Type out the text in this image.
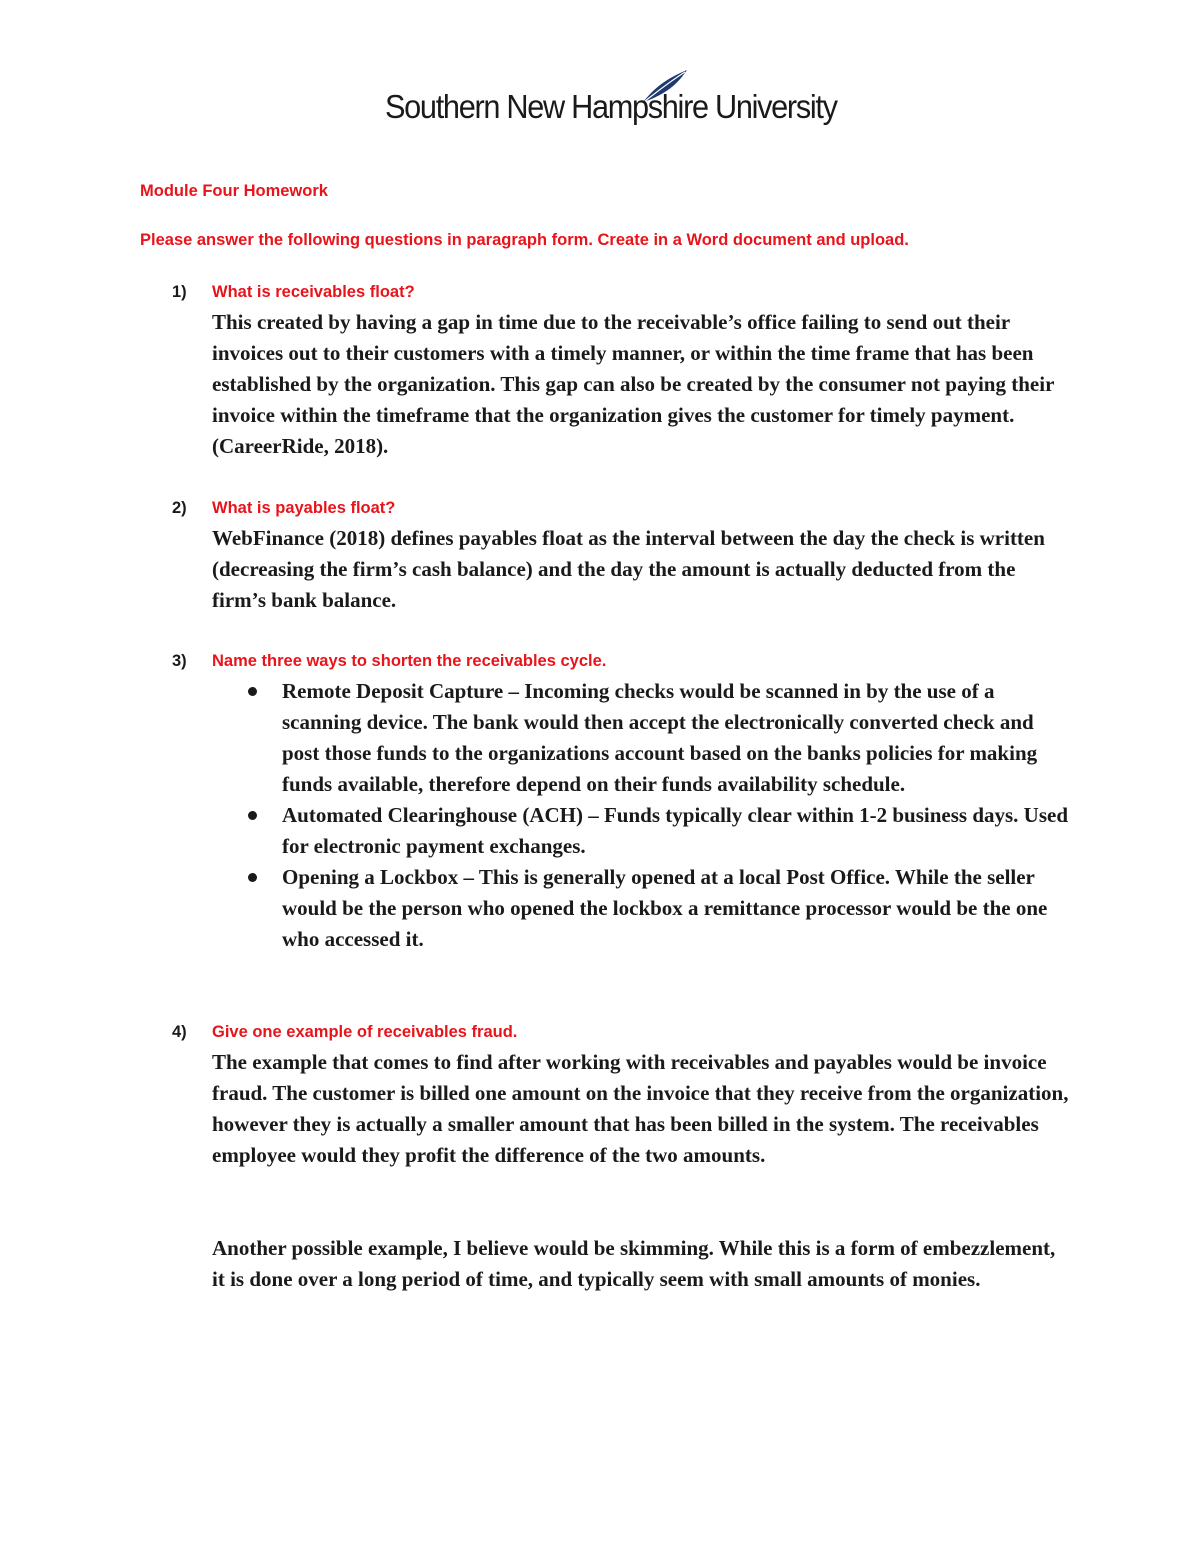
Southern New Hampshire University
Module Four Homework
Please answer the following questions in paragraph form. Create in a Word document and upload.
1) What is receivables float?

This created by having a gap in time due to the receivable’s office failing to send out their invoices out to their customers with a timely manner, or within the time frame that has been established by the organization. This gap can also be created by the consumer not paying their invoice within the timeframe that the organization gives the customer for timely payment. (CareerRide, 2018).

2) What is payables float?

WebFinance (2018) defines payables float as the interval between the day the check is written (decreasing the firm’s cash balance) and the day the amount is actually deducted from the firm’s bank balance.

3) Name three ways to shorten the receivables cycle.
Remote Deposit Capture – Incoming checks would be scanned in by the use of a scanning device. The bank would then accept the electronically converted check and post those funds to the organizations account based on the banks policies for making funds available, therefore depend on their funds availability schedule.
Automated Clearinghouse (ACH) – Funds typically clear within 1-2 business days. Used for electronic payment exchanges.
Opening a Lockbox – This is generally opened at a local Post Office. While the seller would be the person who opened the lockbox a remittance processor would be the one who accessed it.
4) Give one example of receivables fraud.

The example that comes to find after working with receivables and payables would be invoice fraud. The customer is billed one amount on the invoice that they receive from the organization, however they is actually a smaller amount that has been billed in the system. The receivables employee would they profit the difference of the two amounts.

Another possible example, I believe would be skimming. While this is a form of embezzlement, it is done over a long period of time, and typically seem with small amounts of monies.
